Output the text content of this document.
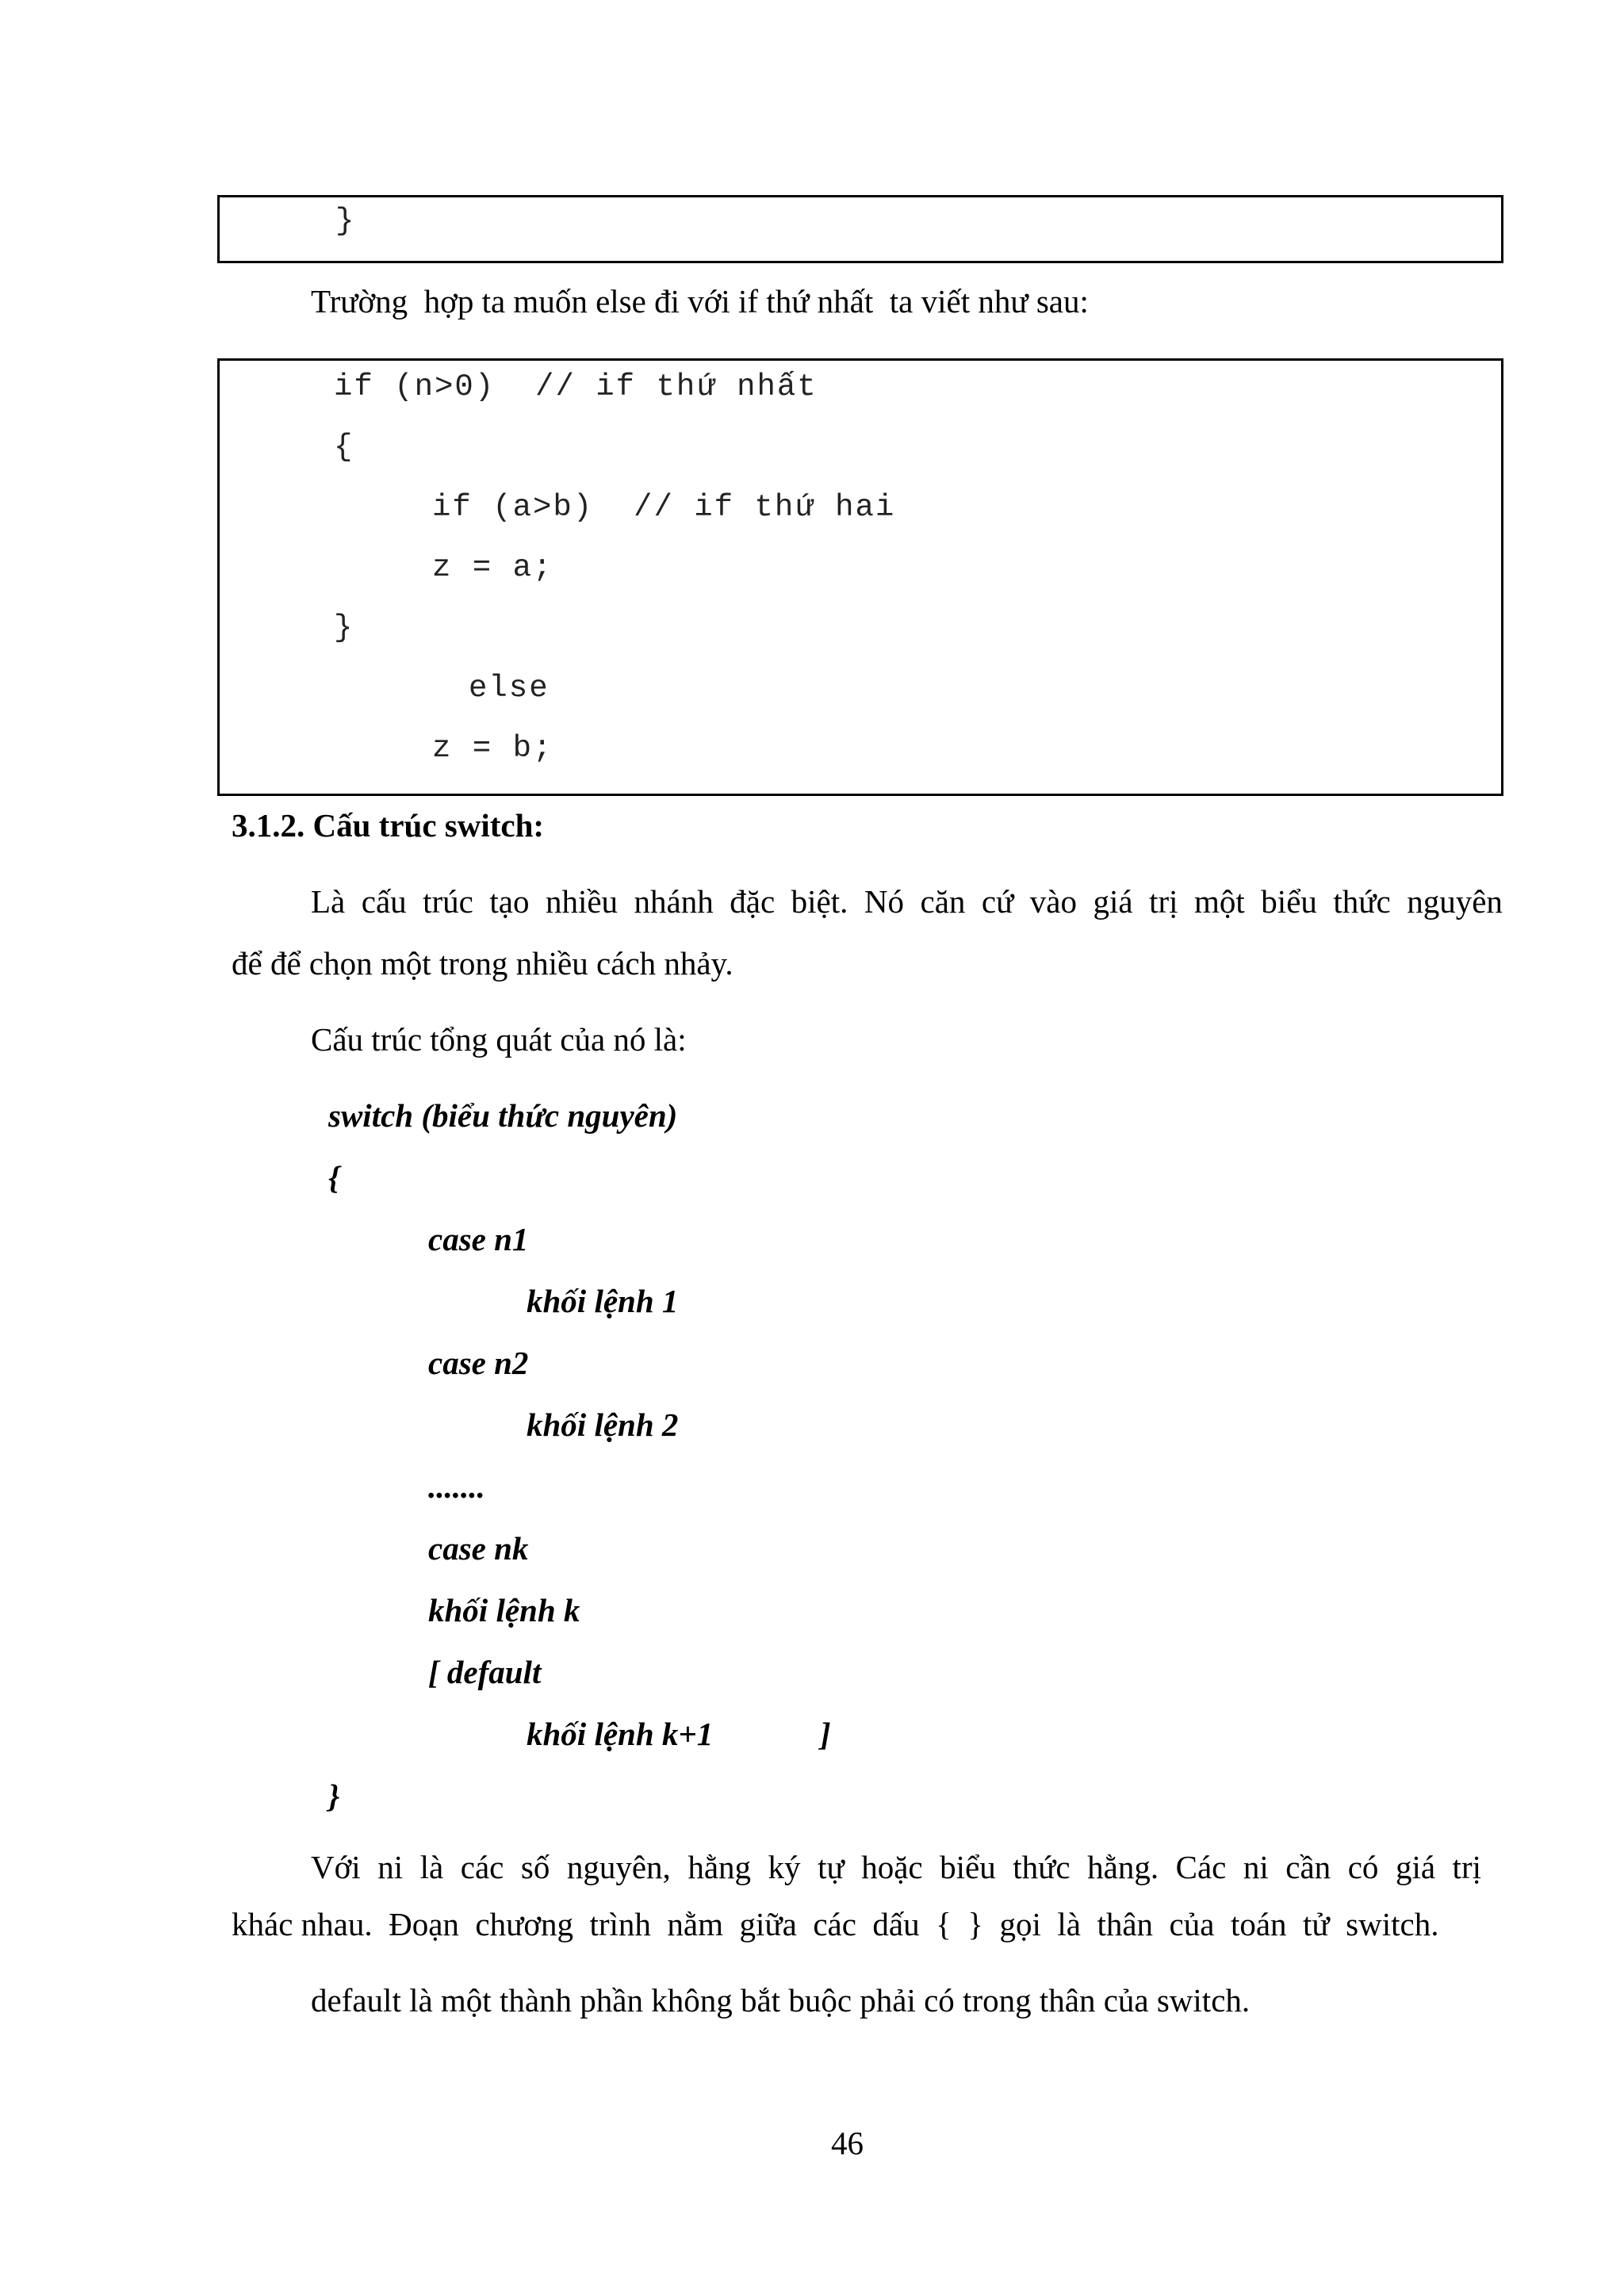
}
Trường  hợp ta muốn else đi với if thứ nhất  ta viết như sau:
if (n>0)  // if thứ nhất
{
if (a>b)  // if thứ hai
z = a;
}
else
z = b;
3.1.2. Cấu trúc switch:
Là  cấu  trúc  tạo  nhiều  nhánh  đặc  biệt.  Nó  căn  cứ  vào  giá  trị  một  biểu  thức  nguyên
để để chọn một trong nhiều cách nhảy.
Cấu trúc tổng quát của nó là:
switch (biểu thức nguyên)
{
case n1
khối lệnh 1
case n2
khối lệnh 2
.......
case nk
khối lệnh k
[ default
khối lệnh k+1	]
}
Với  ni  là  các  số  nguyên,  hằng  ký  tự  hoặc  biểu  thức  hằng.  Các  ni  cần  có  giá  trị
khác nhau.  Đoạn  chương  trình  nằm  giữa  các  dấu  {  }  gọi  là  thân  của  toán  tử  switch.
default là một thành phần không bắt buộc phải có trong thân của switch.
46
